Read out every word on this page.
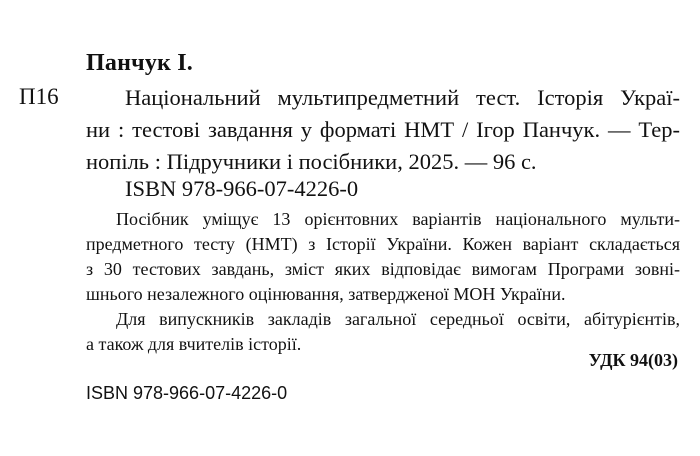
Панчук І.
П16	Національний мультипредметний тест. Історія Украї-
ни : тестові завдання у форматі НМТ / Ігор Панчук. — Тер-
нопіль : Підручники і посібники, 2025. — 96 с.
ISBN 978-966-07-4226-0
Посібник уміщує 13 орієнтовних варіантів національного мульти-
предметного тесту (НМТ) з Історії України. Кожен варіант складається
з 30 тестових завдань, зміст яких відповідає вимогам Програми зовні-
шнього незалежного оцінювання, затвердженої МОН України.
Для випускників закладів загальної середньої освіти, абітурієнтів,
а також для вчителів історії.
УДК 94(03)
ISBN 978-966-07-4226-0
